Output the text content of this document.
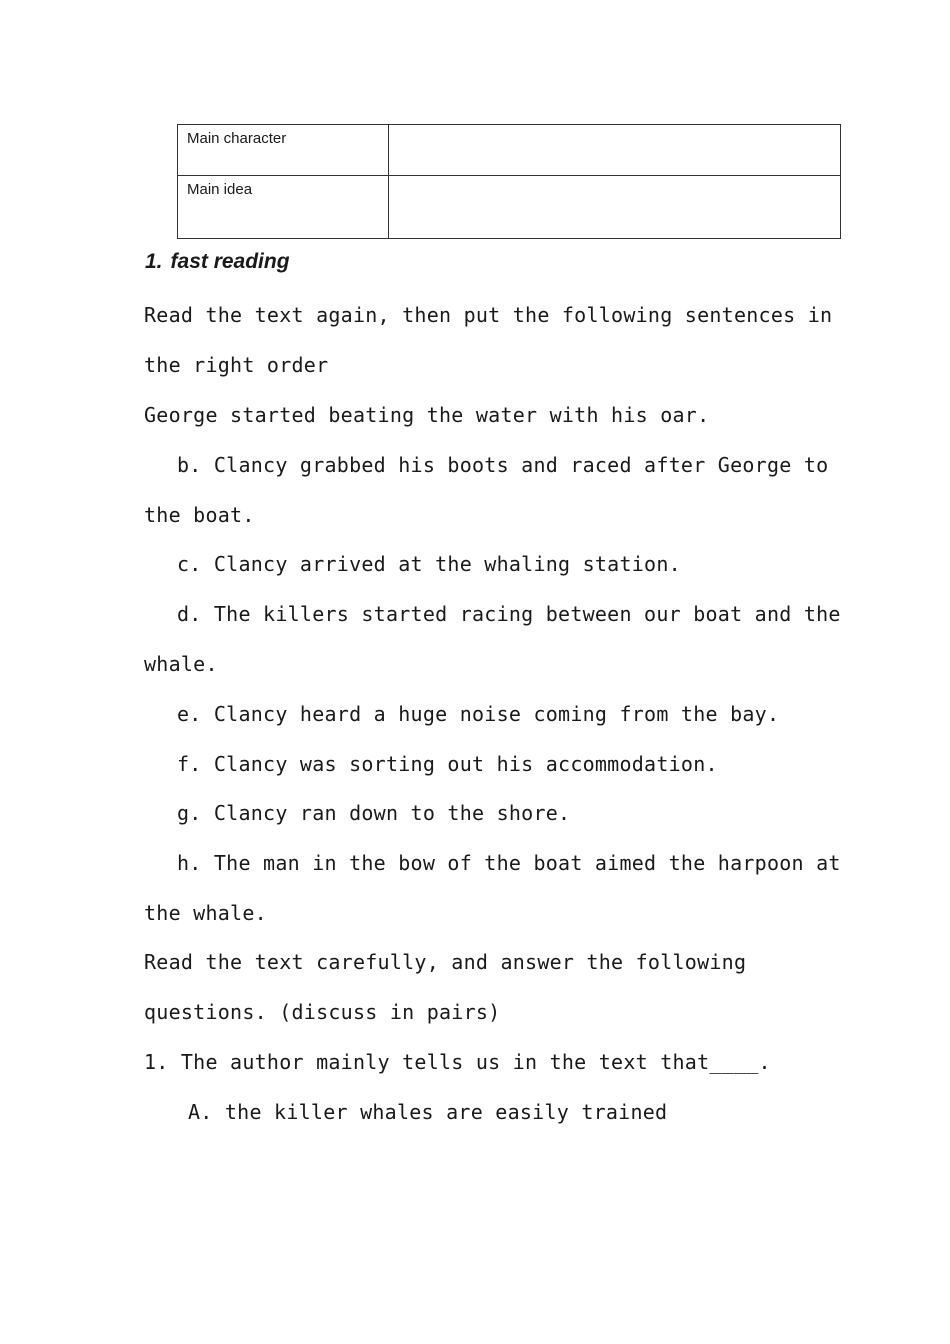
Main character	
Main idea	
1. fast reading
Read the text again, then put the following sentences in
the right order
George started beating the water with his oar.
b. Clancy grabbed his boots and raced after George to
the boat.
c. Clancy arrived at the whaling station.
d. The killers started racing between our boat and the
whale.
e. Clancy heard a huge noise coming from the bay.
f. Clancy was sorting out his accommodation.
g. Clancy ran down to the shore.
h. The man in the bow of the boat aimed the harpoon at
the whale.
Read the text carefully, and answer the following
questions. (discuss in pairs)
1. The author mainly tells us in the text that____.
A. the killer whales are easily trained
